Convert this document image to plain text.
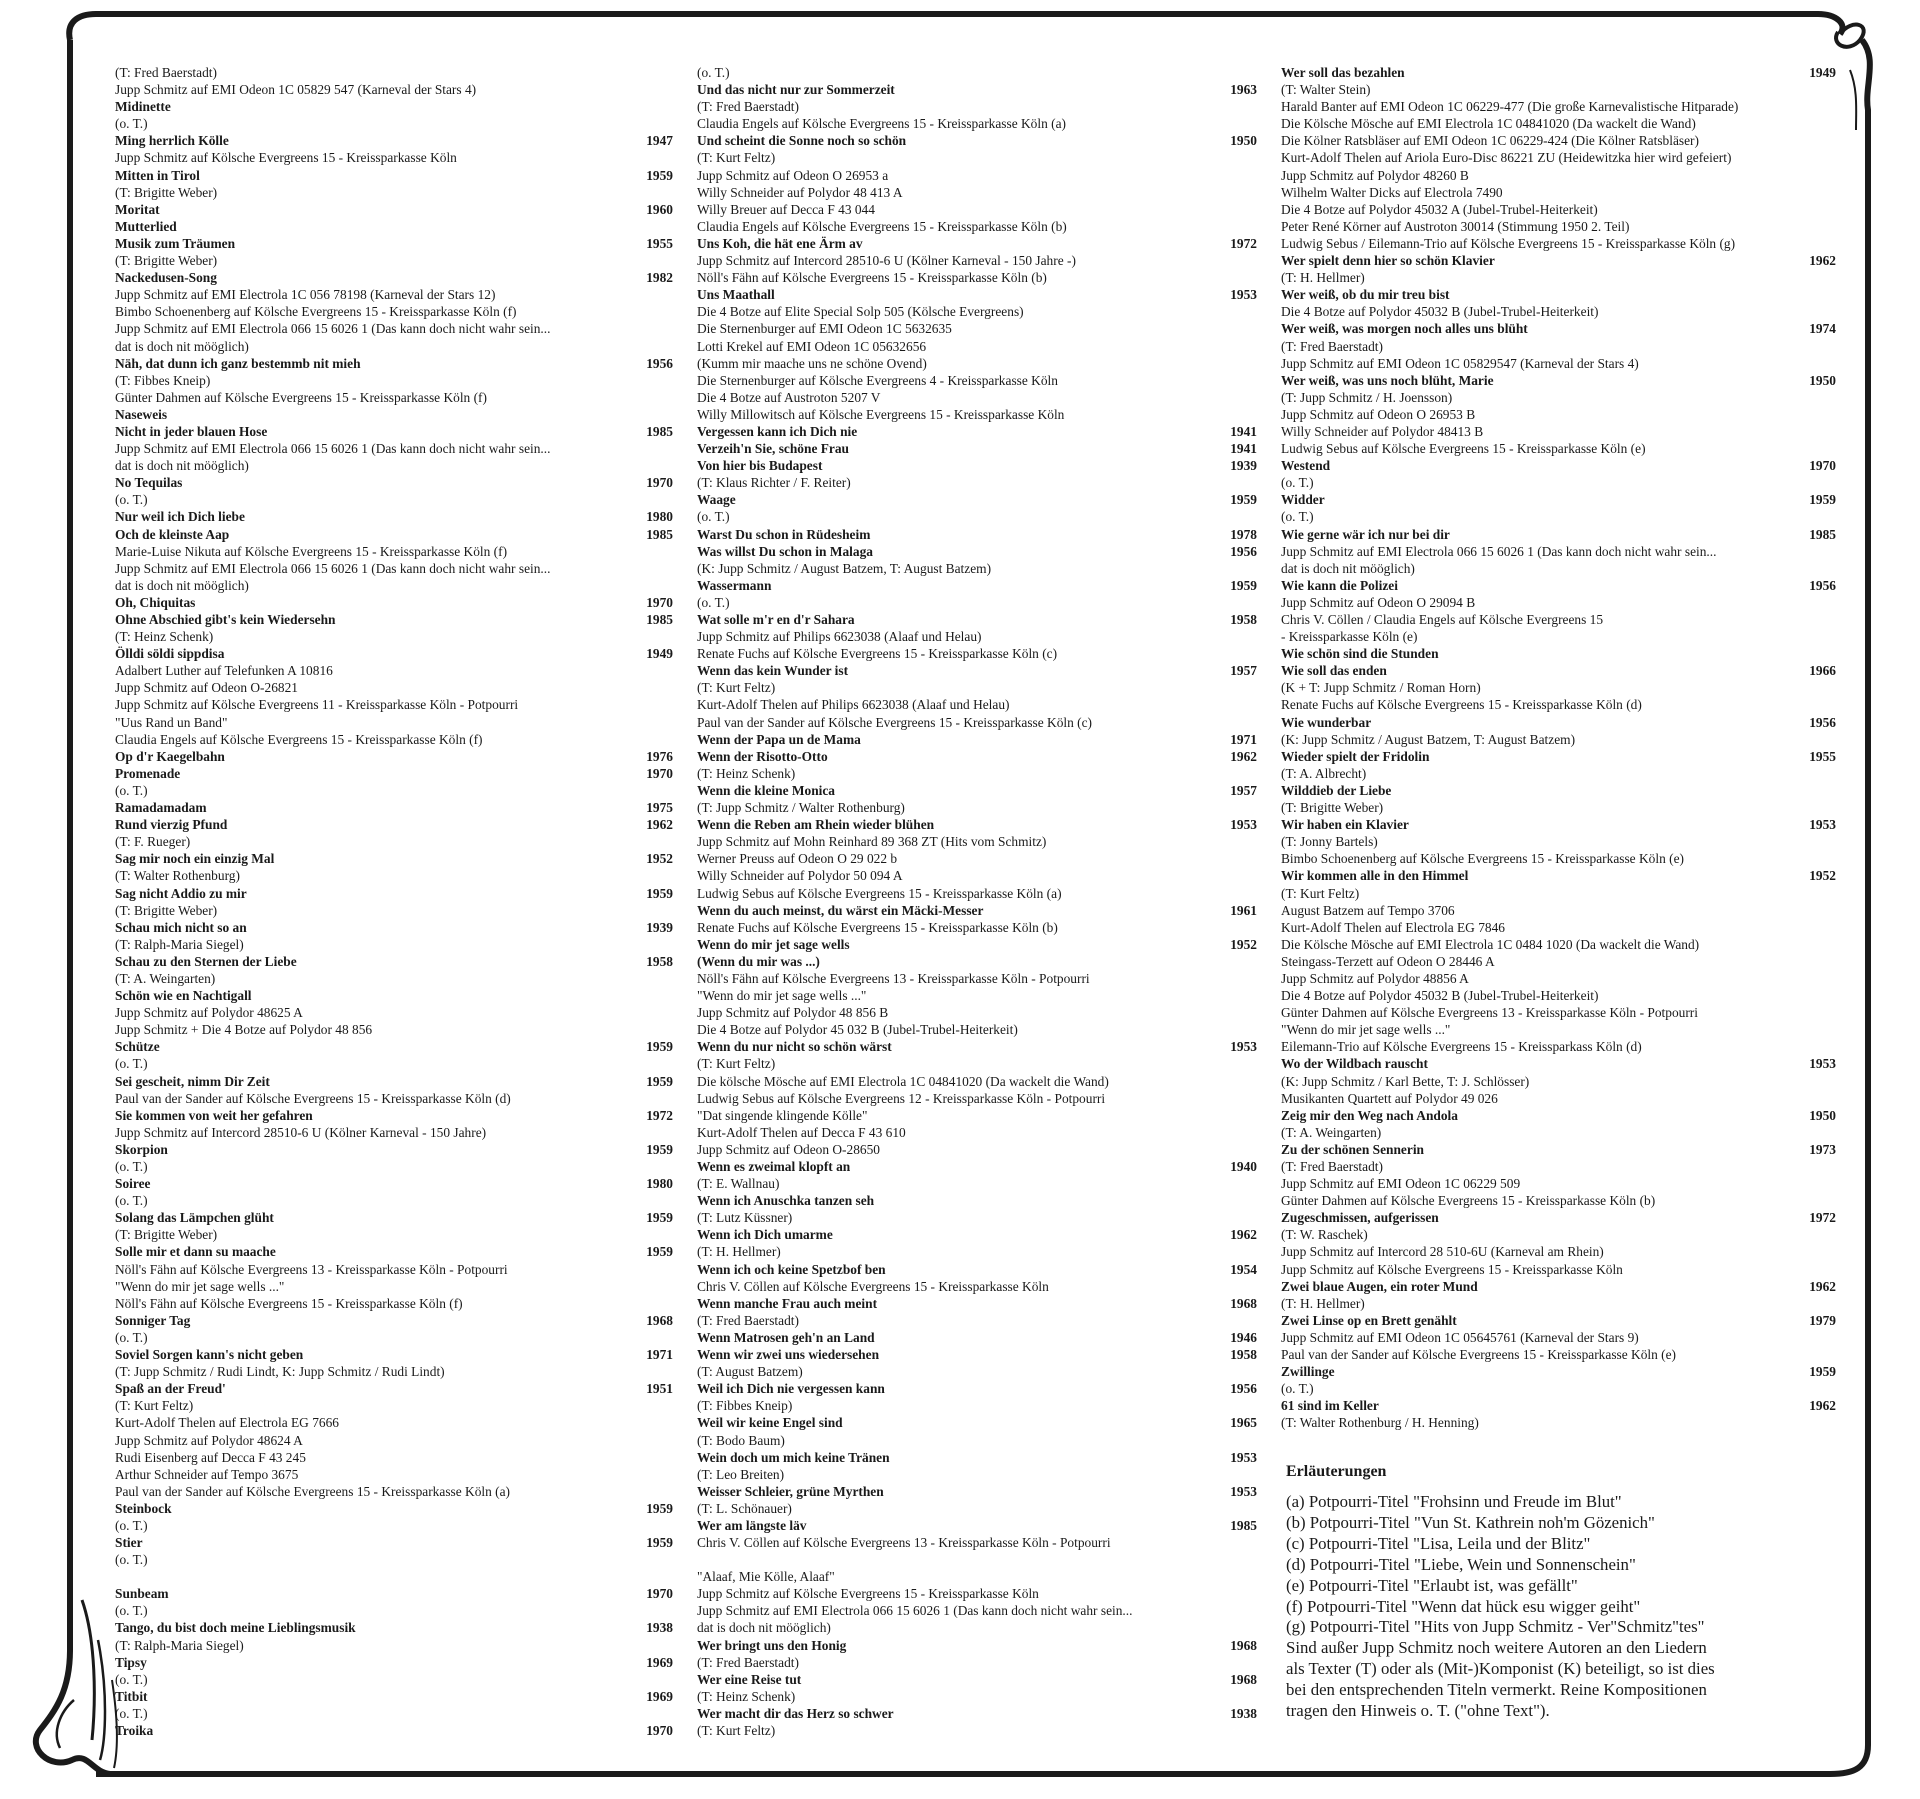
(T: Fred Baerstadt)
Jupp Schmitz auf EMI Odeon 1C 05829 547 (Karneval der Stars 4)
Midinette
(o. T.)
Ming herrlich Kölle	1947
Jupp Schmitz auf Kölsche Evergreens 15 - Kreissparkasse Köln
Mitten in Tirol	1959
(T: Brigitte Weber)
Moritat	1960
Mutterlied
Musik zum Träumen	1955
(T: Brigitte Weber)
Nackedusen-Song	1982
Jupp Schmitz auf EMI Electrola 1C 056 78198 (Karneval der Stars 12)
Bimbo Schoenenberg auf Kölsche Evergreens 15 - Kreissparkasse Köln (f)
Jupp Schmitz auf EMI Electrola 066 15 6026 1 (Das kann doch nicht wahr sein...
dat is doch nit mööglich)
Näh, dat dunn ich ganz bestemmb nit mieh	1956
(T: Fibbes Kneip)
Günter Dahmen auf Kölsche Evergreens 15 - Kreissparkasse Köln (f)
Naseweis
Nicht in jeder blauen Hose	1985
Jupp Schmitz auf EMI Electrola 066 15 6026 1 (Das kann doch nicht wahr sein...
dat is doch nit mööglich)
No Tequilas	1970
(o. T.)
Nur weil ich Dich liebe	1980
Och de kleinste Aap	1985
Marie-Luise Nikuta auf Kölsche Evergreens 15 - Kreissparkasse Köln (f)
Jupp Schmitz auf EMI Electrola 066 15 6026 1 (Das kann doch nicht wahr sein...
dat is doch nit mööglich)
Oh, Chiquitas	1970
Ohne Abschied gibt's kein Wiedersehn	1985
(T: Heinz Schenk)
Ölldi söldi sippdisa	1949
Adalbert Luther auf Telefunken A 10816
Jupp Schmitz auf Odeon O-26821
Jupp Schmitz auf Kölsche Evergreens 11 - Kreissparkasse Köln - Potpourri
"Uus Rand un Band"
Claudia Engels auf Kölsche Evergreens 15 - Kreissparkasse Köln (f)
Op d'r Kaegelbahn	1976
Promenade	1970
(o. T.)
Ramadamadam	1975
Rund vierzig Pfund	1962
(T: F. Rueger)
Sag mir noch ein einzig Mal	1952
(T: Walter Rothenburg)
Sag nicht Addio zu mir	1959
(T: Brigitte Weber)
Schau mich nicht so an	1939
(T: Ralph-Maria Siegel)
Schau zu den Sternen der Liebe	1958
(T: A. Weingarten)
Schön wie en Nachtigall
Jupp Schmitz auf Polydor 48625 A
Jupp Schmitz + Die 4 Botze auf Polydor 48 856
Schütze	1959
(o. T.)
Sei gescheit, nimm Dir Zeit	1959
Paul van der Sander auf Kölsche Evergreens 15 - Kreissparkasse Köln (d)
Sie kommen von weit her gefahren	1972
Jupp Schmitz auf Intercord 28510-6 U (Kölner Karneval - 150 Jahre)
Skorpion	1959
(o. T.)
Soiree	1980
(o. T.)
Solang das Lämpchen glüht	1959
(T: Brigitte Weber)
Solle mir et dann su maache	1959
Nöll's Fähn auf Kölsche Evergreens 13 - Kreissparkasse Köln - Potpourri
"Wenn do mir jet sage wells ..."
Nöll's Fähn auf Kölsche Evergreens 15 - Kreissparkasse Köln (f)
Sonniger Tag	1968
(o. T.)
Soviel Sorgen kann's nicht geben	1971
(T: Jupp Schmitz / Rudi Lindt, K: Jupp Schmitz / Rudi Lindt)
Spaß an der Freud'	1951
(T: Kurt Feltz)
Kurt-Adolf Thelen auf Electrola EG 7666
Jupp Schmitz auf Polydor 48624 A
Rudi Eisenberg auf Decca F 43 245
Arthur Schneider auf Tempo 3675
Paul van der Sander auf Kölsche Evergreens 15 - Kreissparkasse Köln (a)
Steinbock	1959
(o. T.)
Stier	1959
(o. T.)
Sunbeam	1970
(o. T.)
Tango, du bist doch meine Lieblingsmusik	1938
(T: Ralph-Maria Siegel)
Tipsy	1969
(o. T.)
Titbit	1969
(o. T.)
Troika	1970
(o. T.)
Und das nicht nur zur Sommerzeit	1963
(T: Fred Baerstadt)
Claudia Engels auf Kölsche Evergreens 15 - Kreissparkasse Köln (a)
Und scheint die Sonne noch so schön	1950
(T: Kurt Feltz)
Jupp Schmitz auf Odeon O 26953 a
Willy Schneider auf Polydor 48 413 A
Willy Breuer auf Decca F 43 044
Claudia Engels auf Kölsche Evergreens 15 - Kreissparkasse Köln (b)
Uns Koh, die hät ene Ärm av	1972
Jupp Schmitz auf Intercord 28510-6 U (Kölner Karneval - 150 Jahre -)
Nöll's Fähn auf Kölsche Evergreens 15 - Kreissparkasse Köln (b)
Uns Maathall	1953
Die 4 Botze auf Elite Special Solp 505 (Kölsche Evergreens)
Die Sternenburger auf EMI Odeon 1C 5632635
Lotti Krekel auf EMI Odeon 1C 05632656
(Kumm mir maache uns ne schöne Ovend)
Die Sternenburger auf Kölsche Evergreens 4 - Kreissparkasse Köln
Die 4 Botze auf Austroton 5207 V
Willy Millowitsch auf Kölsche Evergreens 15 - Kreissparkasse Köln
Vergessen kann ich Dich nie	1941
Verzeih'n Sie, schöne Frau	1941
Von hier bis Budapest	1939
(T: Klaus Richter / F. Reiter)
Waage	1959
(o. T.)
Warst Du schon in Rüdesheim	1978
Was willst Du schon in Malaga	1956
(K: Jupp Schmitz / August Batzem, T: August Batzem)
Wassermann	1959
(o. T.)
Wat solle m'r en d'r Sahara	1958
Jupp Schmitz auf Philips 6623038 (Alaaf und Helau)
Renate Fuchs auf Kölsche Evergreens 15 - Kreissparkasse Köln (c)
Wenn das kein Wunder ist	1957
(T: Kurt Feltz)
Kurt-Adolf Thelen auf Philips 6623038 (Alaaf und Helau)
Paul van der Sander auf Kölsche Evergreens 15 - Kreissparkasse Köln (c)
Wenn der Papa un de Mama	1971
Wenn der Risotto-Otto	1962
(T: Heinz Schenk)
Wenn die kleine Monica	1957
(T: Jupp Schmitz / Walter Rothenburg)
Wenn die Reben am Rhein wieder blühen	1953
Jupp Schmitz auf Mohn Reinhard 89 368 ZT (Hits vom Schmitz)
Werner Preuss auf Odeon O 29 022 b
Willy Schneider auf Polydor 50 094 A
Ludwig Sebus auf Kölsche Evergreens 15 - Kreissparkasse Köln (a)
Wenn du auch meinst, du wärst ein Mäcki-Messer	1961
Renate Fuchs auf Kölsche Evergreens 15 - Kreissparkasse Köln (b)
Wenn do mir jet sage wells	1952
(Wenn du mir was ...)
Nöll's Fähn auf Kölsche Evergreens 13 - Kreissparkasse Köln - Potpourri
"Wenn do mir jet sage wells ..."
Jupp Schmitz auf Polydor 48 856 B
Die 4 Botze auf Polydor 45 032 B (Jubel-Trubel-Heiterkeit)
Wenn du nur nicht so schön wärst	1953
(T: Kurt Feltz)
Die kölsche Mösche auf EMI Electrola 1C 04841020 (Da wackelt die Wand)
Ludwig Sebus auf Kölsche Evergreens 12 - Kreissparkasse Köln - Potpourri
"Dat singende klingende Kölle"
Kurt-Adolf Thelen auf Decca F 43 610
Jupp Schmitz auf Odeon O-28650
Wenn es zweimal klopft an	1940
(T: E. Wallnau)
Wenn ich Anuschka tanzen seh
(T: Lutz Küssner)
Wenn ich Dich umarme	1962
(T: H. Hellmer)
Wenn ich och keine Spetzbof ben	1954
Chris V. Cöllen auf Kölsche Evergreens 15 - Kreissparkasse Köln
Wenn manche Frau auch meint	1968
(T: Fred Baerstadt)
Wenn Matrosen geh'n an Land	1946
Wenn wir zwei uns wiedersehen	1958
(T: August Batzem)
Weil ich Dich nie vergessen kann	1956
(T: Fibbes Kneip)
Weil wir keine Engel sind	1965
(T: Bodo Baum)
Wein doch um mich keine Tränen	1953
(T: Leo Breiten)
Weisser Schleier, grüne Myrthen	1953
(T: L. Schönauer)
Wer am längste läv	1985
Chris V. Cöllen auf Kölsche Evergreens 13 - Kreissparkasse Köln - Potpourri
"Alaaf, Mie Kölle, Alaaf"
Jupp Schmitz auf Kölsche Evergreens 15 - Kreissparkasse Köln
Jupp Schmitz auf EMI Electrola 066 15 6026 1 (Das kann doch nicht wahr sein...
dat is doch nit mööglich)
Wer bringt uns den Honig	1968
(T: Fred Baerstadt)
Wer eine Reise tut	1968
(T: Heinz Schenk)
Wer macht dir das Herz so schwer	1938
(T: Kurt Feltz)
Wer soll das bezahlen	1949
(T: Walter Stein)
Harald Banter auf EMI Odeon 1C 06229-477 (Die große Karnevalistische Hitparade)
Die Kölsche Mösche auf EMI Electrola 1C 04841020 (Da wackelt die Wand)
Die Kölner Ratsbläser auf EMI Odeon 1C 06229-424 (Die Kölner Ratsbläser)
Kurt-Adolf Thelen auf Ariola Euro-Disc 86221 ZU (Heidewitzka hier wird gefeiert)
Jupp Schmitz auf Polydor 48260 B
Wilhelm Walter Dicks auf Electrola 7490
Die 4 Botze auf Polydor 45032 A (Jubel-Trubel-Heiterkeit)
Peter René Körner auf Austroton 30014 (Stimmung 1950 2. Teil)
Ludwig Sebus / Eilemann-Trio auf Kölsche Evergreens 15 - Kreissparkasse Köln (g)
Wer spielt denn hier so schön Klavier	1962
(T: H. Hellmer)
Wer weiß, ob du mir treu bist
Die 4 Botze auf Polydor 45032 B (Jubel-Trubel-Heiterkeit)
Wer weiß, was morgen noch alles uns blüht	1974
(T: Fred Baerstadt)
Jupp Schmitz auf EMI Odeon 1C 05829547 (Karneval der Stars 4)
Wer weiß, was uns noch blüht, Marie	1950
(T: Jupp Schmitz / H. Joensson)
Jupp Schmitz auf Odeon O 26953 B
Willy Schneider auf Polydor 48413 B
Ludwig Sebus auf Kölsche Evergreens 15 - Kreissparkasse Köln (e)
Westend	1970
(o. T.)
Widder	1959
(o. T.)
Wie gerne wär ich nur bei dir	1985
Jupp Schmitz auf EMI Electrola 066 15 6026 1 (Das kann doch nicht wahr sein...
dat is doch nit mööglich)
Wie kann die Polizei	1956
Jupp Schmitz auf Odeon O 29094 B
Chris V. Cöllen / Claudia Engels auf Kölsche Evergreens 15
- Kreissparkasse Köln (e)
Wie schön sind die Stunden
Wie soll das enden	1966
(K + T: Jupp Schmitz / Roman Horn)
Renate Fuchs auf Kölsche Evergreens 15 - Kreissparkasse Köln (d)
Wie wunderbar	1956
(K: Jupp Schmitz / August Batzem, T: August Batzem)
Wieder spielt der Fridolin	1955
(T: A. Albrecht)
Wilddieb der Liebe
(T: Brigitte Weber)
Wir haben ein Klavier	1953
(T: Jonny Bartels)
Bimbo Schoenenberg auf Kölsche Evergreens 15 - Kreissparkasse Köln (e)
Wir kommen alle in den Himmel	1952
(T: Kurt Feltz)
August Batzem auf Tempo 3706
Kurt-Adolf Thelen auf Electrola EG 7846
Die Kölsche Mösche auf EMI Electrola 1C 0484 1020 (Da wackelt die Wand)
Steingass-Terzett auf Odeon O 28446 A
Jupp Schmitz auf Polydor 48856 A
Die 4 Botze auf Polydor 45032 B (Jubel-Trubel-Heiterkeit)
Günter Dahmen auf Kölsche Evergreens 13 - Kreissparkasse Köln - Potpourri
"Wenn do mir jet sage wells ..."
Eilemann-Trio auf Kölsche Evergreens 15 - Kreissparkass Köln (d)
Wo der Wildbach rauscht	1953
(K: Jupp Schmitz / Karl Bette, T: J. Schlösser)
Musikanten Quartett auf Polydor 49 026
Zeig mir den Weg nach Andola	1950
(T: A. Weingarten)
Zu der schönen Sennerin	1973
(T: Fred Baerstadt)
Jupp Schmitz auf EMI Odeon 1C 06229 509
Günter Dahmen auf Kölsche Evergreens 15 - Kreissparkasse Köln (b)
Zugeschmissen, aufgerissen	1972
(T: W. Raschek)
Jupp Schmitz auf Intercord 28 510-6U (Karneval am Rhein)
Jupp Schmitz auf Kölsche Evergreens 15 - Kreissparkasse Köln
Zwei blaue Augen, ein roter Mund	1962
(T: H. Hellmer)
Zwei Linse op en Brett genählt	1979
Jupp Schmitz auf EMI Odeon 1C 05645761 (Karneval der Stars 9)
Paul van der Sander auf Kölsche Evergreens 15 - Kreissparkasse Köln (e)
Zwillinge	1959
(o. T.)
61 sind im Keller	1962
(T: Walter Rothenburg / H. Henning)
Erläuterungen
(a) Potpourri-Titel "Frohsinn und Freude im Blut"
(b) Potpourri-Titel "Vun St. Kathrein noh'm Gözenich"
(c) Potpourri-Titel "Lisa, Leila und der Blitz"
(d) Potpourri-Titel "Liebe, Wein und Sonnenschein"
(e) Potpourri-Titel "Erlaubt ist, was gefällt"
(f) Potpourri-Titel "Wenn dat hück esu wigger geiht"
(g) Potpourri-Titel "Hits von Jupp Schmitz - Ver"Schmitz"tes"
Sind außer Jupp Schmitz noch weitere Autoren an den Liedern
als Texter (T) oder als (Mit-)Komponist (K) beteiligt, so ist dies
bei den entsprechenden Titeln vermerkt. Reine Kompositionen
tragen den Hinweis o. T. ("ohne Text").
